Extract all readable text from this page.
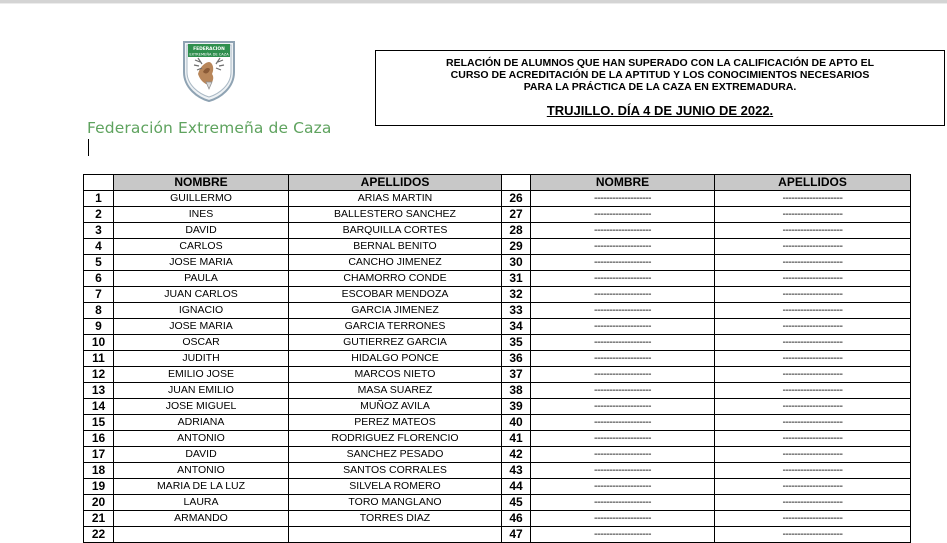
FEDERACION
EXTREMEÑA DE CAZA
Federación Extremeña de Caza
RELACIÓN DE ALUMNOS QUE HAN SUPERADO CON LA CALIFICACIÓN DE APTO EL
CURSO DE ACREDITACIÓN DE LA APTITUD Y LOS CONOCIMIENTOS NECESARIOS
PARA LA PRÁCTICA DE LA CAZA EN EXTREMADURA.
TRUJILLO. DÍA 4 DE JUNIO DE 2022.
	NOMBRE	APELLIDOS		NOMBRE	APELLIDOS
1	GUILLERMO	ARIAS MARTIN	26	-------------------	--------------------
2	INES	BALLESTERO SANCHEZ	27	-------------------	--------------------
3	DAVID	BARQUILLA CORTES	28	-------------------	--------------------
4	CARLOS	BERNAL BENITO	29	-------------------	--------------------
5	JOSE MARIA	CANCHO JIMENEZ	30	-------------------	--------------------
6	PAULA	CHAMORRO CONDE	31	-------------------	--------------------
7	JUAN CARLOS	ESCOBAR MENDOZA	32	-------------------	--------------------
8	IGNACIO	GARCIA JIMENEZ	33	-------------------	--------------------
9	JOSE MARIA	GARCIA TERRONES	34	-------------------	--------------------
10	OSCAR	GUTIERREZ GARCIA	35	-------------------	--------------------
11	JUDITH	HIDALGO PONCE	36	-------------------	--------------------
12	EMILIO JOSE	MARCOS NIETO	37	-------------------	--------------------
13	JUAN EMILIO	MASA SUAREZ	38	-------------------	--------------------
14	JOSE MIGUEL	MUÑOZ AVILA	39	-------------------	--------------------
15	ADRIANA	PEREZ MATEOS	40	-------------------	--------------------
16	ANTONIO	RODRIGUEZ FLORENCIO	41	-------------------	--------------------
17	DAVID	SANCHEZ PESADO	42	-------------------	--------------------
18	ANTONIO	SANTOS CORRALES	43	-------------------	--------------------
19	MARIA DE LA LUZ	SILVELA ROMERO	44	-------------------	--------------------
20	LAURA	TORO MANGLANO	45	-------------------	--------------------
21	ARMANDO	TORRES DIAZ	46	-------------------	--------------------
22			47	-------------------	--------------------
